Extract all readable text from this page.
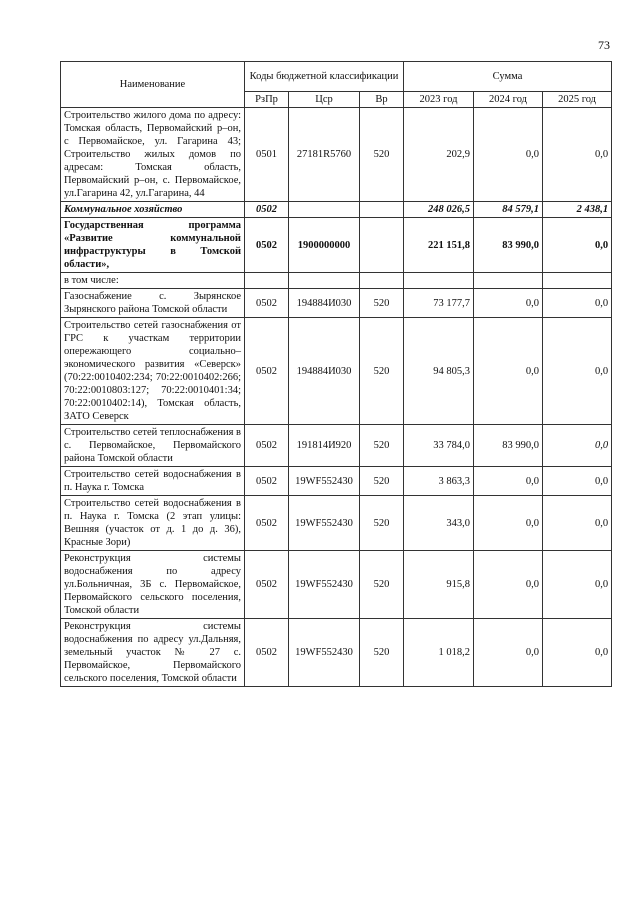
73
Наименование	Коды бюджетной классификации			Сумма		
	РзПр	Цср	Вр	2023 год	2024 год	2025 год
Строительство жилого дома по адресу: Томская область, Первомайский р–он, с Первомайское, ул. Гагарина 43; Строительство жилых домов по адресам: Томская область, Первомайский р–он, с. Первомайское, ул.Гагарина 42, ул.Гагарина, 44	0501	27181R5760	520	202,9	0,0	0,0
Коммунальное хозяйство	0502			248 026,5	84 579,1	2 438,1
Государственная программа «Развитие коммунальной инфраструктуры в Томской области»,	0502	1900000000		221 151,8	83 990,0	0,0
в том числе:						
Газоснабжение с. Зырянское Зырянского района Томской области	0502	194884И030	520	73 177,7	0,0	0,0
Строительство сетей газоснабжения от ГРС к участкам территории опережающего социально–экономического развития «Северск» (70:22:0010402:234; 70:22:0010402:266; 70:22:0010803:127; 70:22:0010401:34; 70:22:0010402:14), Томская область, ЗАТО Северск	0502	194884И030	520	94 805,3	0,0	0,0
Строительство сетей теплоснабжения в с. Первомайское, Первомайского района Томской области	0502	191814И920	520	33 784,0	83 990,0	0,0
Строительство сетей водоснабжения в п. Наука г. Томска	0502	19WF552430	520	3 863,3	0,0	0,0
Строительство сетей водоснабжения в п. Наука г. Томска (2 этап улицы: Вешняя (участок от д. 1 до д. 36), Красные Зори)	0502	19WF552430	520	343,0	0,0	0,0
Реконструкция системы водоснабжения по адресу ул.Больничная, 3Б с. Первомайское, Первомайского сельского поселения, Томской области	0502	19WF552430	520	915,8	0,0	0,0
Реконструкция системы водоснабжения по адресу ул.Дальняя, земельный участок № 27 с. Первомайское, Первомайского сельского поселения, Томской области	0502	19WF552430	520	1 018,2	0,0	0,0
